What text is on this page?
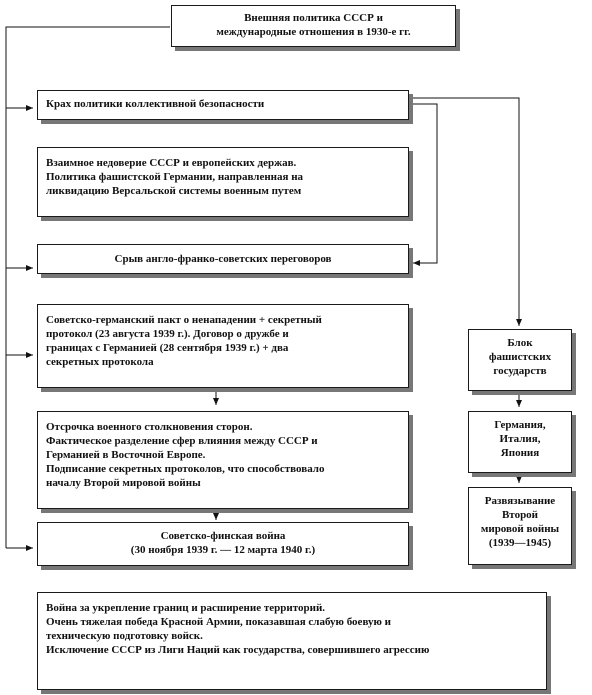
Внешняя политика СССР и
международные отношения в 1930-е гг.
Крах политики коллективной безопасности
Взаимное недоверие СССР и европейских держав.
Политика фашистской Германии, направленная на
ликвидацию Версальской системы военным путем
Срыв англо-франко-советских переговоров
Советско-германский пакт о ненападении + секретный
протокол (23 августа 1939 г.). Договор о дружбе и
границах с Германией (28 сентября 1939 г.) + два
секретных протокола
Отсрочка военного столкновения сторон.
Фактическое разделение сфер влияния между СССР и
Германией в Восточной Европе.
Подписание секретных протоколов, что способствовало
началу Второй мировой войны
Советско-финская война
(30 ноября 1939 г. — 12 марта 1940 г.)
Война за укрепление границ и расширение территорий.
Очень тяжелая победа Красной Армии, показавшая слабую боевую и
техническую подготовку войск.
Исключение СССР из Лиги Наций как государства, совершившего агрессию
Блок
фашистских
государств
Германия,
Италия,
Япония
Развязывание
Второй
мировой войны
(1939—1945)
